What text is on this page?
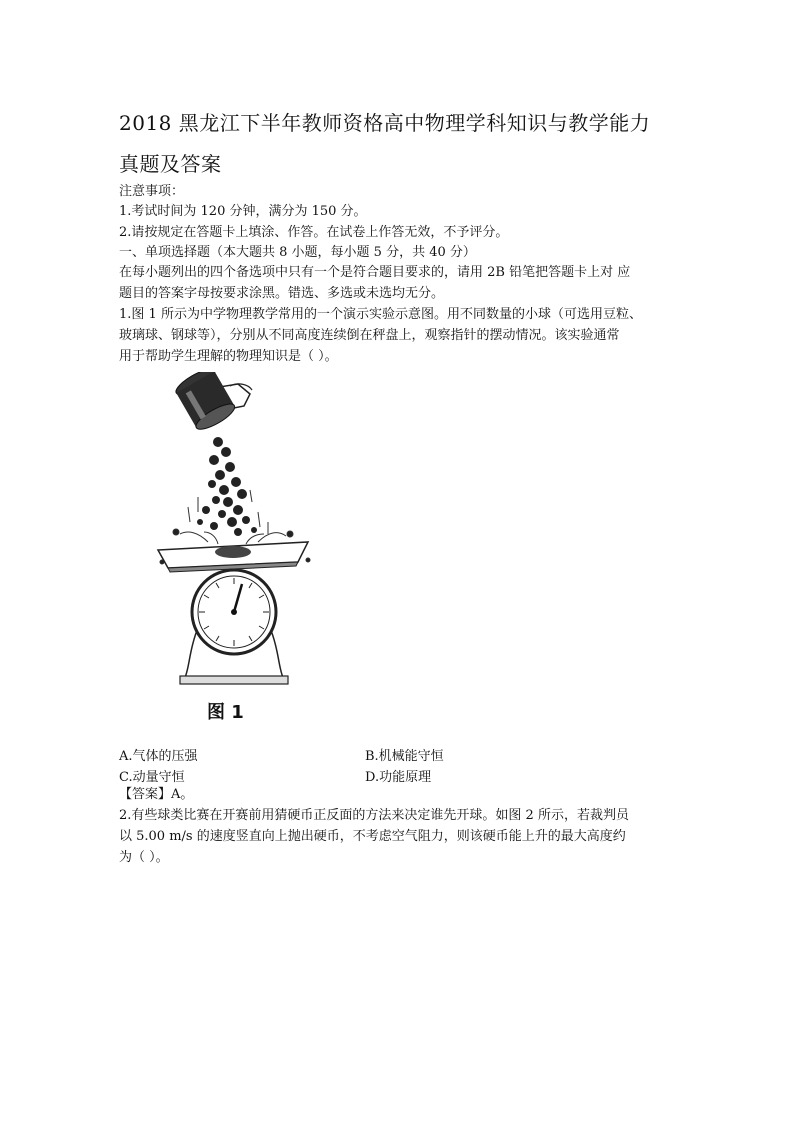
2018 黑龙江下半年教师资格高中物理学科知识与教学能力
真题及答案
注意事项：
1.考试时间为 120 分钟，满分为 150 分。
2.请按规定在答题卡上填涂、作答。在试卷上作答无效，不予评分。
一、单项选择题（本大题共 8 小题，每小题 5 分，共 40 分）
在每小题列出的四个备选项中只有一个是符合题目要求的，请用 2B 铅笔把答题卡上对 应
题目的答案字母按要求涂黑。错选、多选或未选均无分。
1.图 1 所示为中学物理教学常用的一个演示实验示意图。用不同数量的小球（可选用豆粒、
玻璃球、钢球等），分别从不同高度连续倒在秤盘上，观察指针的摆动情况。该实验通常
用于帮助学生理解的物理知识是（ ）。
图 1
A.气体的压强	B.机械能守恒
C.动量守恒	D.功能原理
【答案】A。
2.有些球类比赛在开赛前用猜硬币正反面的方法来决定谁先开球。如图 2 所示，若裁判员
以 5.00 m/s 的速度竖直向上抛出硬币，不考虑空气阻力，则该硬币能上升的最大高度约
为（ ）。
